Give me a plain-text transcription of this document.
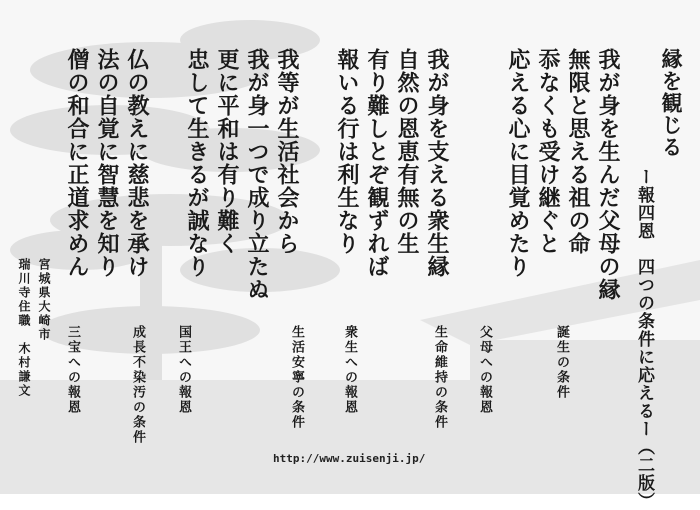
縁を観じる
ー報四恩　四つの条件に応えるー（二版）
我が身を生んだ父母の縁
無限と思える祖の命
忝なくも受け継ぐと
応える心に目覚めたり
我が身を支える衆生縁
自然の恩恵有無の生
有り難しとぞ観ずれば
報いる行は利生なり
我等が生活社会から
我が身一つで成り立たぬ
更に平和は有り難く
忠して生きるが誠なり
仏の教えに慈悲を承け
法の自覚に智慧を知り
僧の和合に正道求めん
誕生の条件
父母への報恩
生命維持の条件
衆生への報恩
生活安寧の条件
国王への報恩
成長不染汚の条件
三宝への報恩
宮城県大崎市
瑞川寺住職　木村謙文
http://www.zuisenji.jp/
